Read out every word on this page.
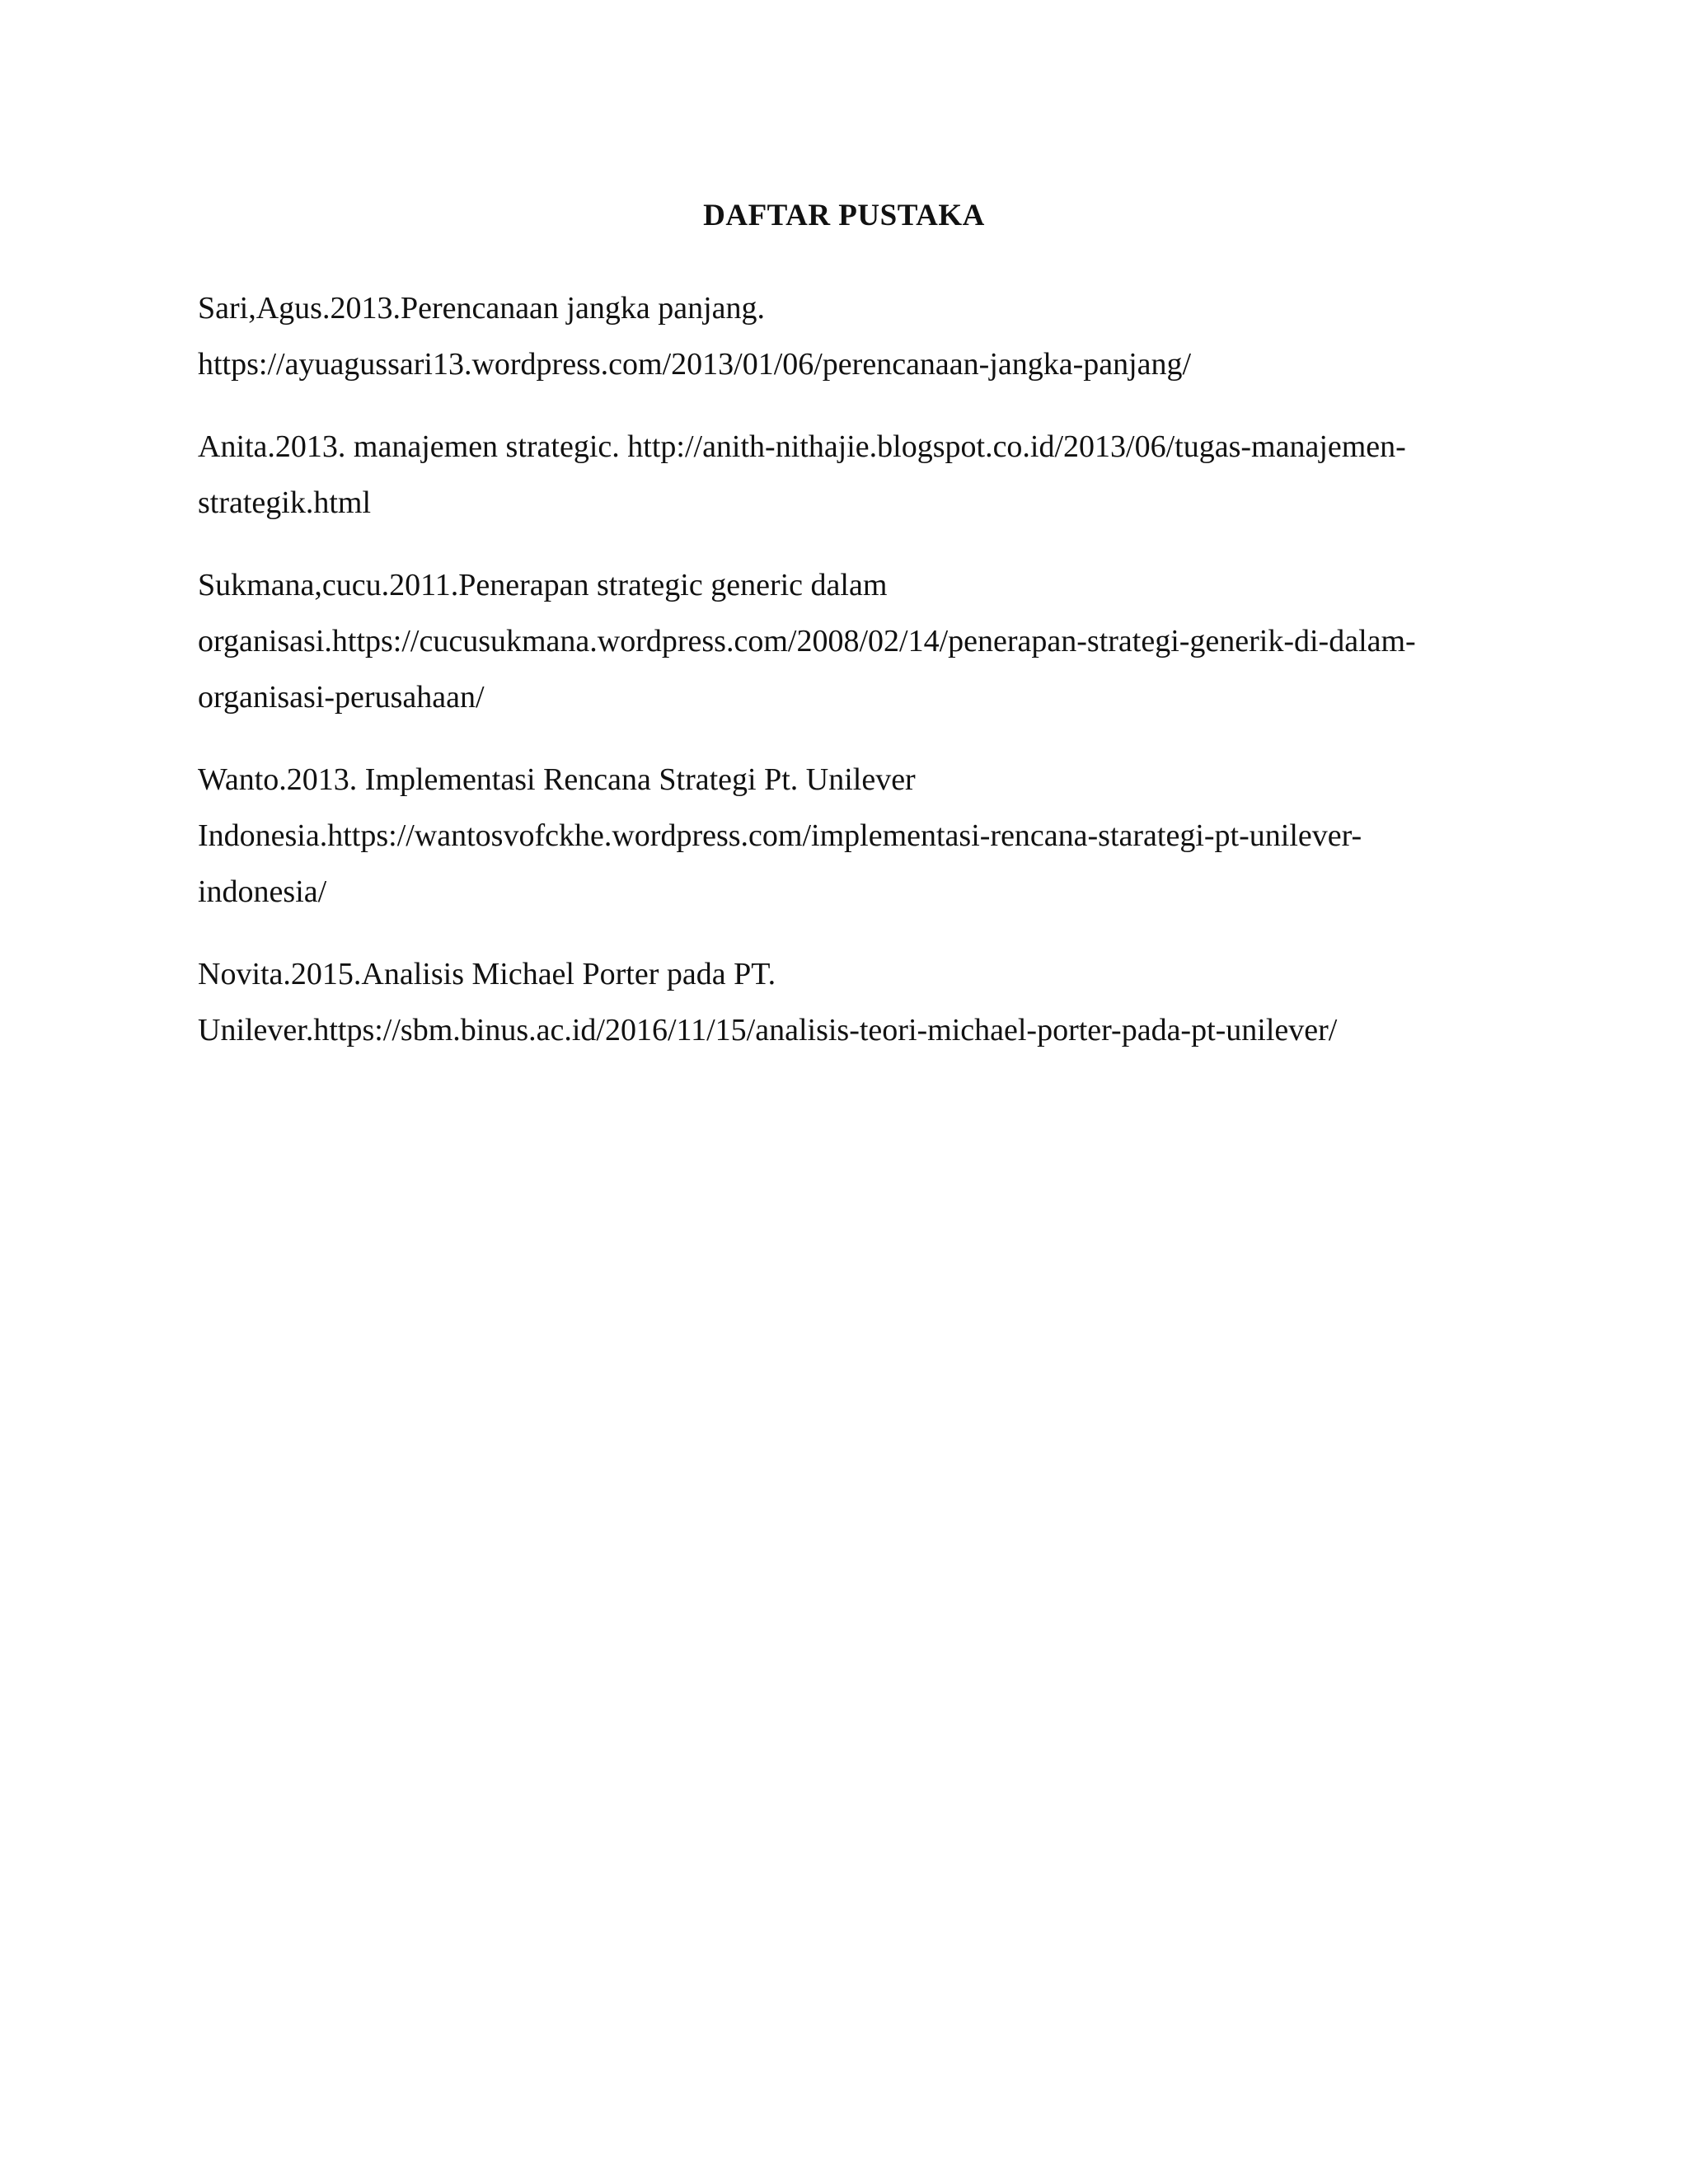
DAFTAR PUSTAKA
Sari,Agus.2013.Perencanaan jangka panjang.
https://ayuagussari13.wordpress.com/2013/01/06/perencanaan-jangka-panjang/
Anita.2013. manajemen strategic. http://anith-nithajie.blogspot.co.id/2013/06/tugas-manajemen-
strategik.html
Sukmana,cucu.2011.Penerapan strategic generic dalam
organisasi.https://cucusukmana.wordpress.com/2008/02/14/penerapan-strategi-generik-di-dalam-
organisasi-perusahaan/
Wanto.2013. Implementasi Rencana Strategi Pt. Unilever
Indonesia.https://wantosvofckhe.wordpress.com/implementasi-rencana-starategi-pt-unilever-
indonesia/
Novita.2015.Analisis Michael Porter pada PT.
Unilever.https://sbm.binus.ac.id/2016/11/15/analisis-teori-michael-porter-pada-pt-unilever/
